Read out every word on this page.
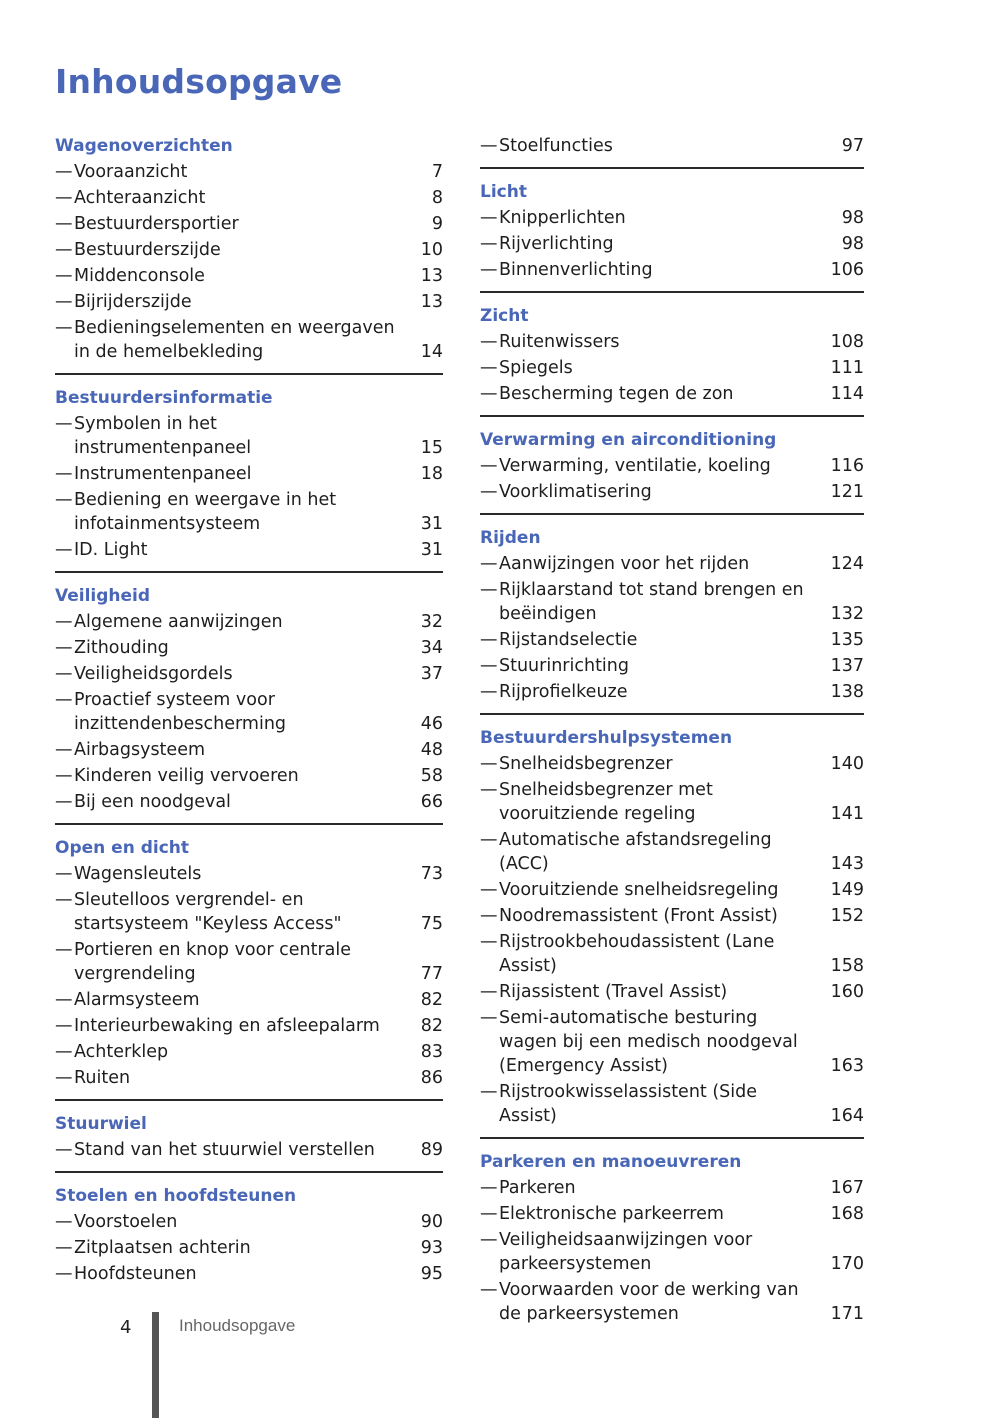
Inhoudsopgave
Wagenoverzichten
— Vooraanzicht	7
— Achteraanzicht	8
— Bestuurdersportier	9
— Bestuurderszijde	10
— Middenconsole	13
— Bijrijderszijde	13
— Bedieningselementen en weergaven in de hemelbekleding	14
Bestuurdersinformatie
— Symbolen in het instrumentenpaneel	15
— Instrumentenpaneel	18
— Bediening en weergave in het infotainmentsysteem	31
— ID. Light	31
Veiligheid
— Algemene aanwijzingen	32
— Zithouding	34
— Veiligheidsgordels	37
— Proactief systeem voor inzittendenbescherming	46
— Airbagsysteem	48
— Kinderen veilig vervoeren	58
— Bij een noodgeval	66
Open en dicht
— Wagensleutels	73
— Sleutelloos vergrendel- en startsysteem "Keyless Access"	75
— Portieren en knop voor centrale vergrendeling	77
— Alarmsysteem	82
— Interieurbewaking en afsleepalarm	82
— Achterklep	83
— Ruiten	86
Stuurwiel
— Stand van het stuurwiel verstellen	89
Stoelen en hoofdsteunen
— Voorstoelen	90
— Zitplaatsen achterin	93
— Hoofdsteunen	95
— Stoelfuncties	97
Licht
— Knipperlichten	98
— Rijverlichting	98
— Binnenverlichting	106
Zicht
— Ruitenwissers	108
— Spiegels	111
— Bescherming tegen de zon	114
Verwarming en airconditioning
— Verwarming, ventilatie, koeling	116
— Voorklimatisering	121
Rijden
— Aanwijzingen voor het rijden	124
— Rijklaarstand tot stand brengen en beëindigen	132
— Rijstandselectie	135
— Stuurinrichting	137
— Rijprofielkeuze	138
Bestuurdershulpsystemen
— Snelheidsbegrenzer	140
— Snelheidsbegrenzer met vooruitziende regeling	141
— Automatische afstandsregeling (ACC)	143
— Vooruitziende snelheidsregeling	149
— Noodremassistent (Front Assist)	152
— Rijstrookbehoudassistent (Lane Assist)	158
— Rijassistent (Travel Assist)	160
— Semi-automatische besturing wagen bij een medisch noodgeval (Emergency Assist)	163
— Rijstrookwisselassistent (Side Assist)	164
Parkeren en manoeuvreren
— Parkeren	167
— Elektronische parkeerrem	168
— Veiligheidsaanwijzingen voor parkeersystemen	170
— Voorwaarden voor de werking van de parkeersystemen	171
4	Inhoudsopgave
